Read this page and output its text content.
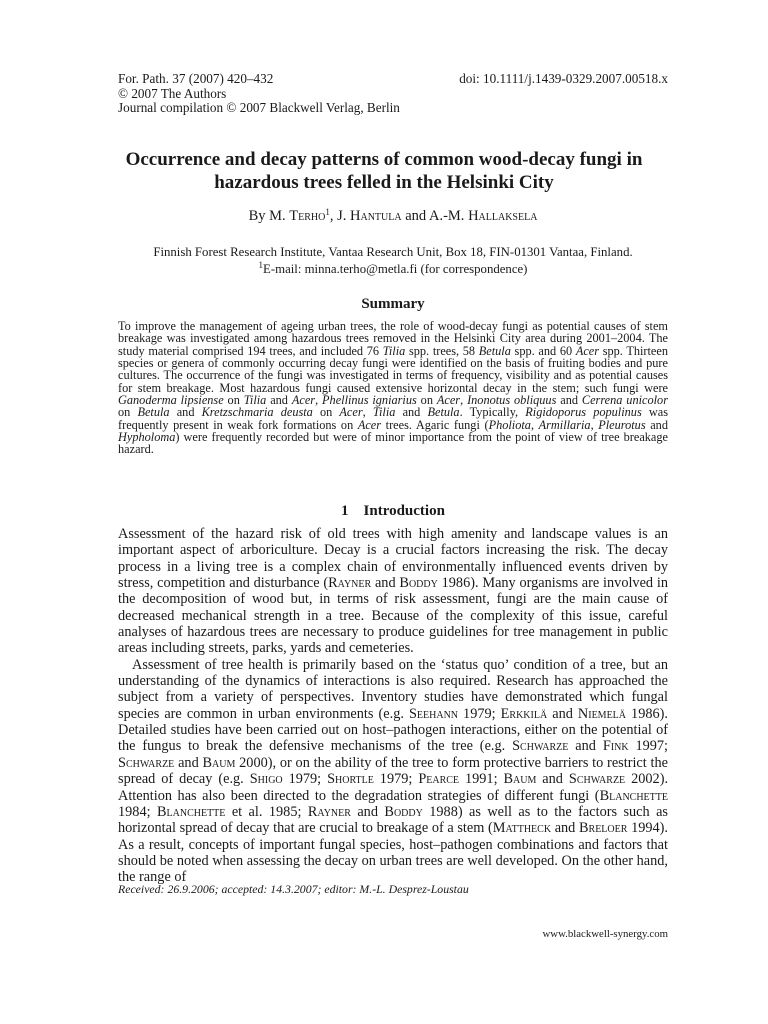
For. Path. 37 (2007) 420–432
© 2007 The Authors
Journal compilation © 2007 Blackwell Verlag, Berlin
doi: 10.1111/j.1439-0329.2007.00518.x
Occurrence and decay patterns of common wood-decay fungi in
hazardous trees felled in the Helsinki City
By M. Terho$^1$, J. Hantula and A.-M. Hallaksela
Finnish Forest Research Institute, Vantaa Research Unit, Box 18, FIN-01301 Vantaa, Finland.
$^1$E-mail: minna.terho@metla.fi (for correspondence)
Summary

To improve the management of ageing urban trees, the role of wood-decay fungi as potential causes of stem breakage was investigated among hazardous trees removed in the Helsinki City area during 2001–2004. The study material comprised 194 trees, and included 76 Tilia spp. trees, 58 Betula spp. and 60 Acer spp. Thirteen species or genera of commonly occurring decay fungi were identified on the basis of fruiting bodies and pure cultures. The occurrence of the fungi was investigated in terms of frequency, visibility and as potential causes for stem breakage. Most hazardous fungi caused extensive horizontal decay in the stem; such fungi were Ganoderma lipsiense on Tilia and Acer, Phellinus igniarius on Acer, Inonotus obliquus and Cerrena unicolor on Betula and Kretzschmaria deusta on Acer, Tilia and Betula. Typically, Rigidoporus populinus was frequently present in weak fork formations on Acer trees. Agaric fungi (Pholiota, Armillaria, Pleurotus and Hypholoma) were frequently recorded but were of minor importance from the point of view of tree breakage hazard.

1    Introduction

Assessment of the hazard risk of old trees with high amenity and landscape values is an important aspect of arboriculture. Decay is a crucial factors increasing the risk. The decay process in a living tree is a complex chain of environmentally influenced events driven by stress, competition and disturbance (Rayner and Boddy 1986). Many organisms are involved in the decomposition of wood but, in terms of risk assessment, fungi are the main cause of decreased mechanical strength in a tree. Because of the complexity of this issue, careful analyses of hazardous trees are necessary to produce guidelines for tree management in public areas including streets, parks, yards and cemeteries.

Assessment of tree health is primarily based on the ‘status quo’ condition of a tree, but an understanding of the dynamics of interactions is also required. Research has approached the subject from a variety of perspectives. Inventory studies have demonstrated which fungal species are common in urban environments (e.g. Seehann 1979; Erkkilä and Niemelä 1986). Detailed studies have been carried out on host–pathogen interactions, either on the potential of the fungus to break the defensive mechanisms of the tree (e.g. Schwarze and Fink 1997; Schwarze and Baum 2000), or on the ability of the tree to form protective barriers to restrict the spread of decay (e.g. Shigo 1979; Shortle 1979; Pearce 1991; Baum and Schwarze 2002). Attention has also been directed to the degradation strategies of different fungi (Blanchette 1984; Blanchette et al. 1985; Rayner and Boddy 1988) as well as to the factors such as horizontal spread of decay that are crucial to breakage of a stem (Mattheck and Breloer 1994). As a result, concepts of important fungal species, host–pathogen combinations and factors that should be noted when assessing the decay on urban trees are well developed. On the other hand, the range of

Received: 26.9.2006; accepted: 14.3.2007; editor: M.-L. Desprez-Loustau
www.blackwell-synergy.com
